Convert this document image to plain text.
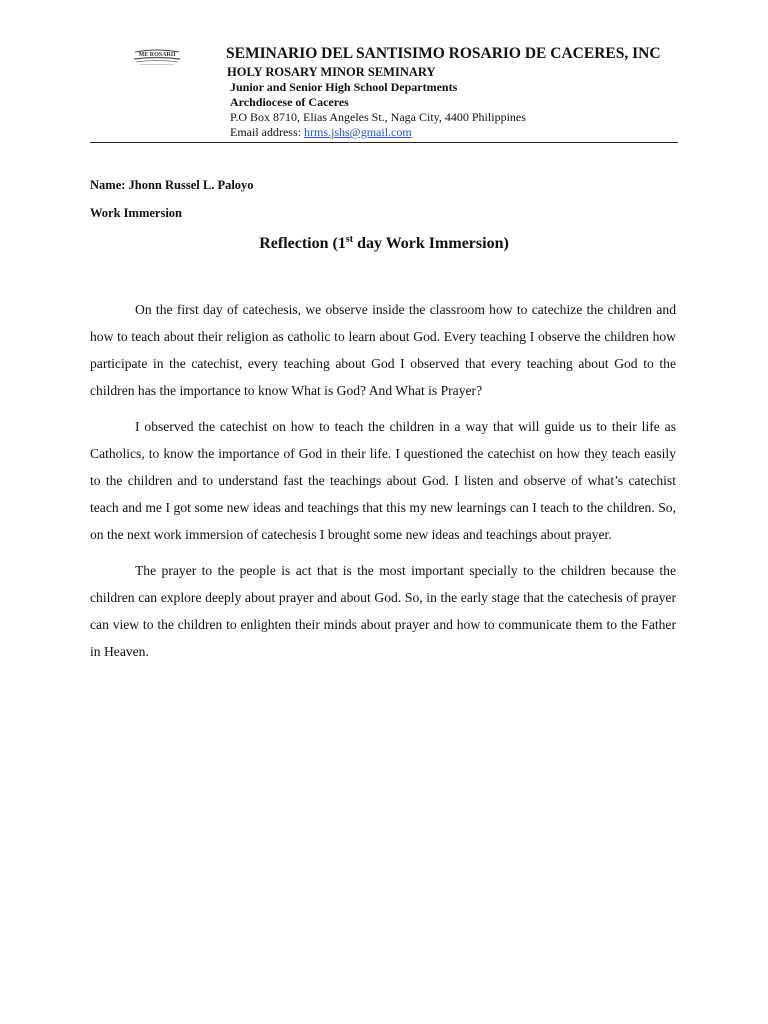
ME ROSARII	SEMINARIO DEL SANTISIMO ROSARIO DE CACERES, INC
HOLY ROSARY MINOR SEMINARY
Junior and Senior High School Departments
Archdiocese of Caceres
P.O Box 8710, Elias Angeles St., Naga City, 4400 Philippines
Email address: hrms.jshs@gmail.com
Name: Jhonn Russel L. Paloyo
Work Immersion
Reflection (1st day Work Immersion)

On the first day of catechesis, we observe inside the classroom how to catechize the children and how to teach about their religion as catholic to learn about God. Every teaching I observe the children how participate in the catechist, every teaching about God I observed that every teaching about God to the children has the importance to know What is God? And What is Prayer?

I observed the catechist on how to teach the children in a way that will guide us to their life as Catholics, to know the importance of God in their life. I questioned the catechist on how they teach easily to the children and to understand fast the teachings about God. I listen and observe of what’s catechist teach and me I got some new ideas and teachings that this my new learnings can I teach to the children. So, on the next work immersion of catechesis I brought some new ideas and teachings about prayer.

The prayer to the people is act that is the most important specially to the children because the children can explore deeply about prayer and about God. So, in the early stage that the catechesis of prayer can view to the children to enlighten their minds about prayer and how to communicate them to the Father in Heaven.
